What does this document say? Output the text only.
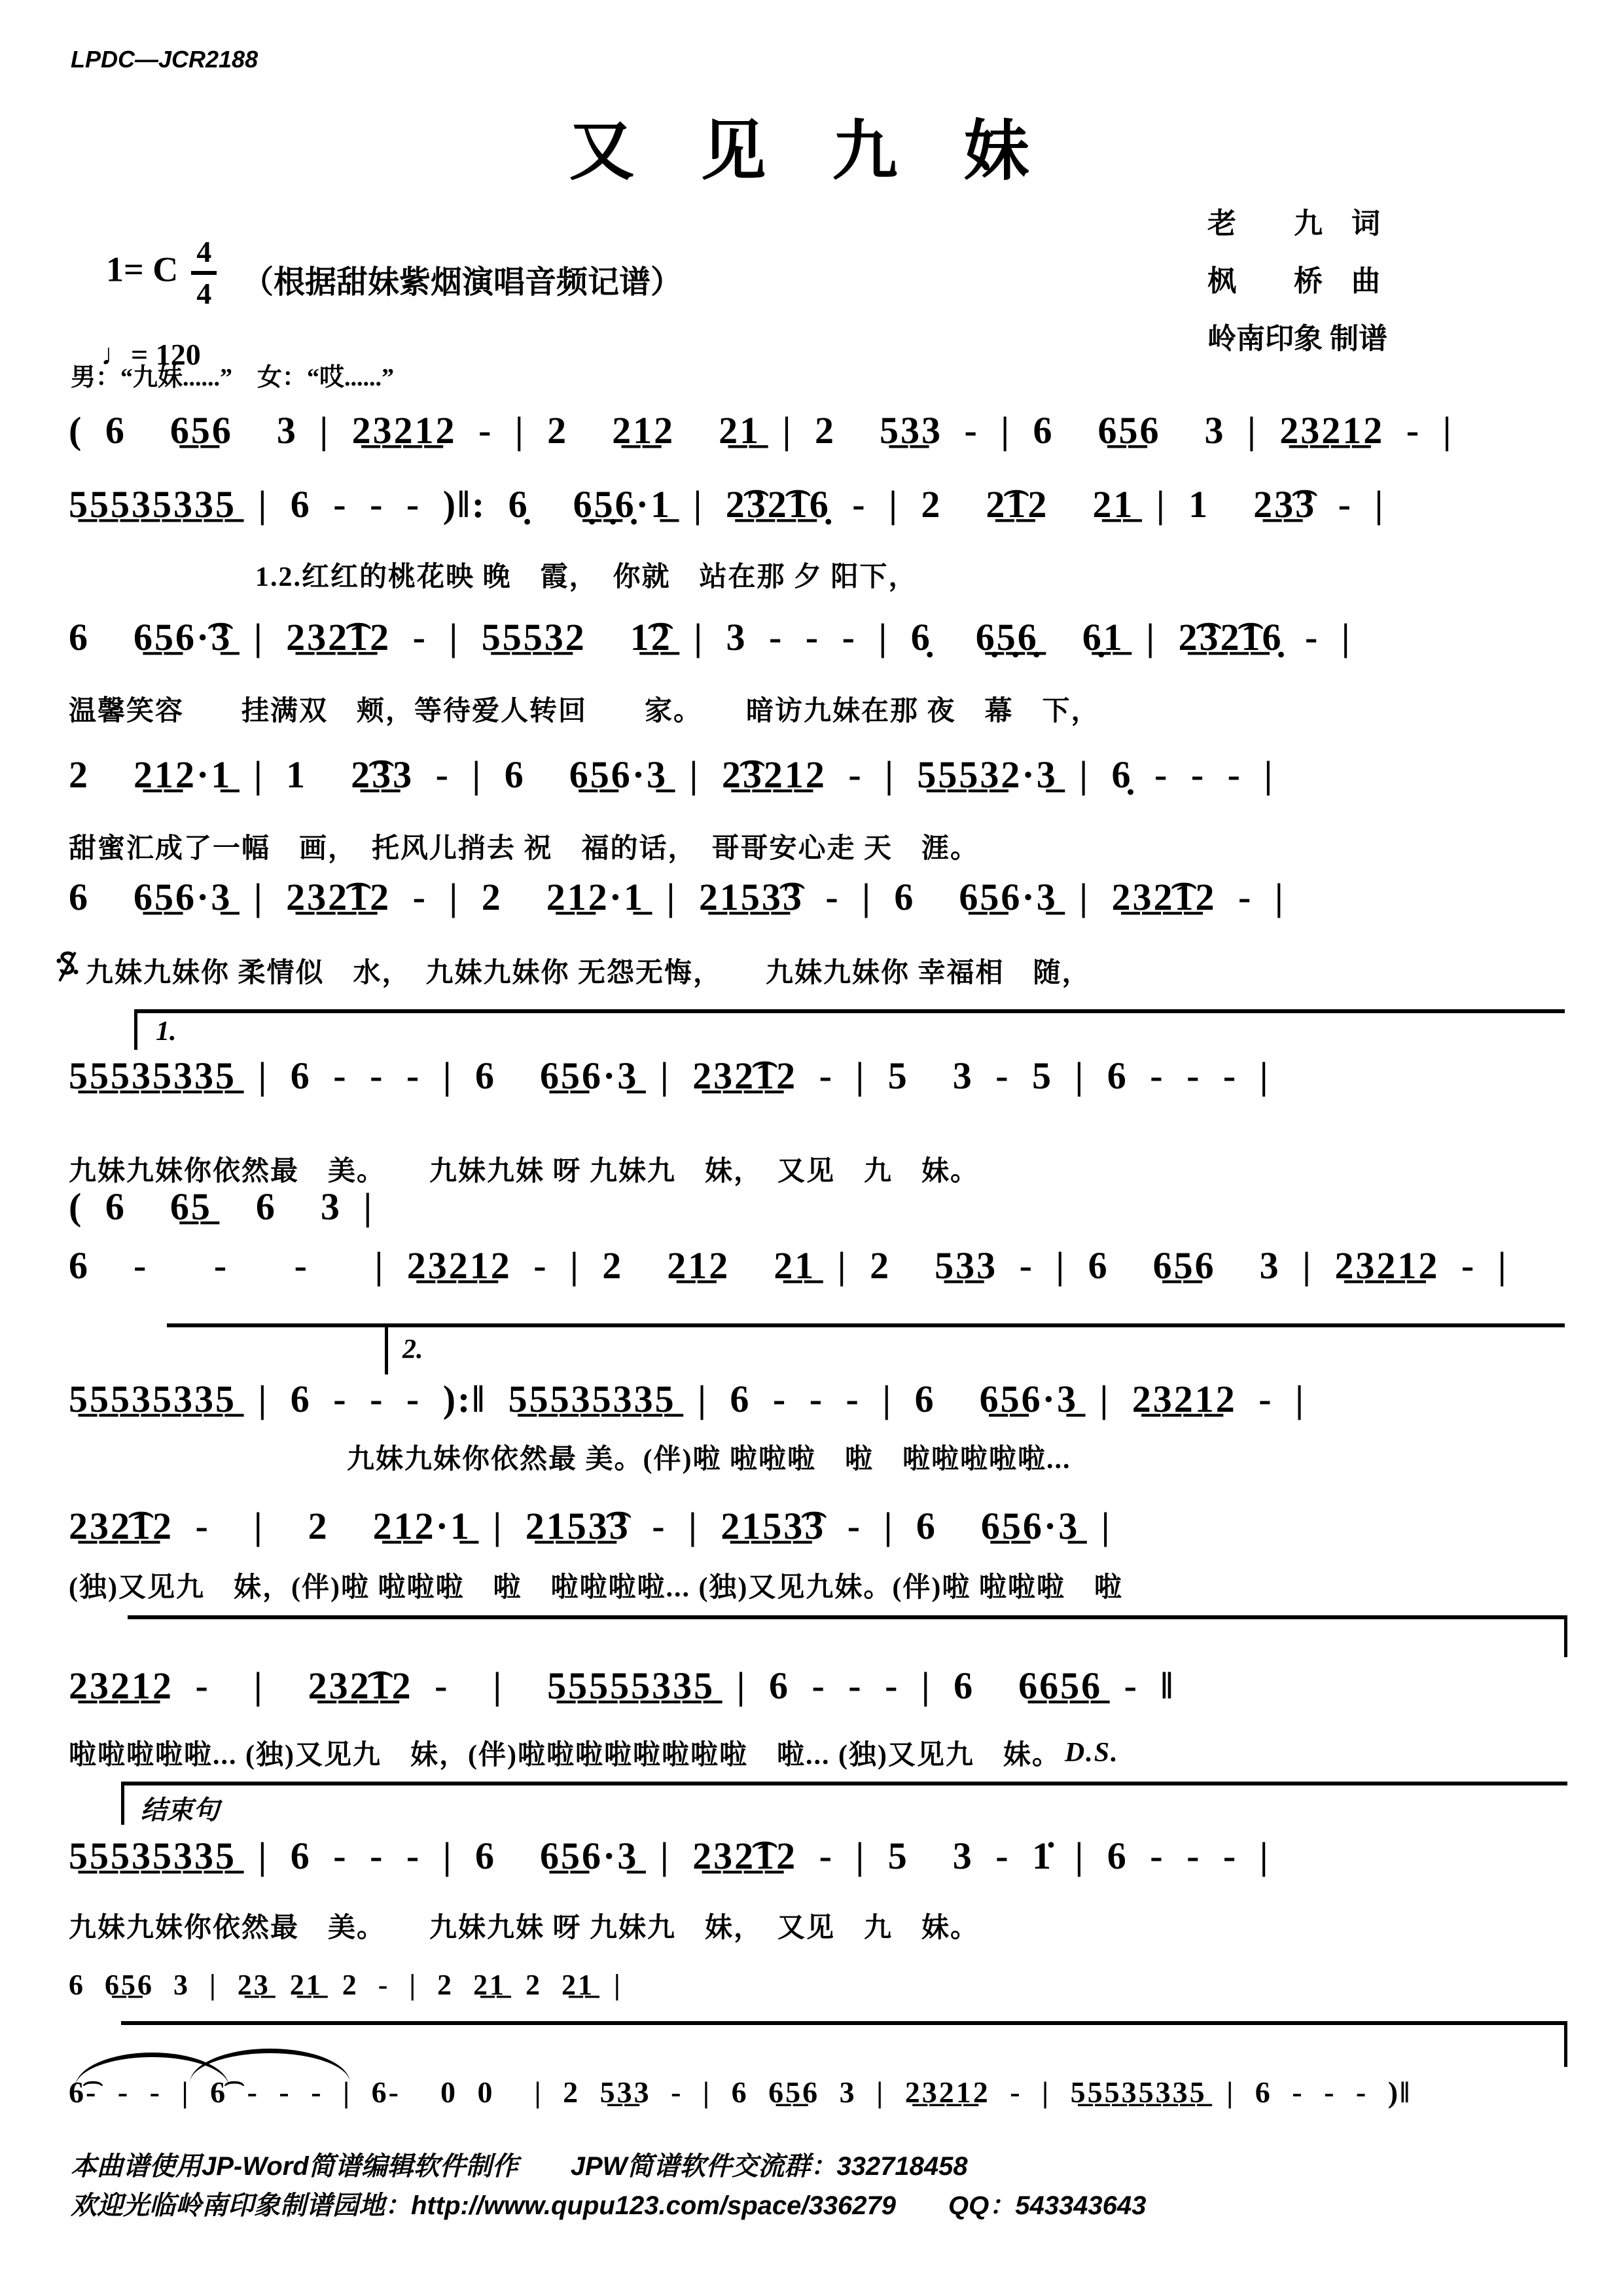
LPDC—JCR2188
又 见 九 妹

1= C $\frac{4}{4}$

（根据甜妹紫烟演唱音频记谱）
老　　九　词
枫　　桥　曲
岭南印象 制谱

♩= 120

男：“九妹......”　女：“哎......”
( 6  6̲5̲6  3 | 2̲3̲2̲1̲2 - | 2  2̲1̲2  2̲1̲ | 2  5̲3̲3 - | 6  6̲5̲6  3 | 2̲3̲2̲1̲2 - |
5̲5̲5̲3̲5̲3̲3̲5̲ | 6 - - - )‖: 6̣  6̣̲5̣̲6̣·1̲ | 2̲͡3̲2̲͡1̲6̣ - | 2  2̲͡1̲2  2̲1̲ | 1  2̲3̲͡3 - |
1.2.红红的桃花映 晚　霞，　你就　站在那 夕 阳下，
6  6̲5̲6·͡3̲ | 2̲3̲2̲͡1̲2 - | 5̲5̲5̲3̲2  1̲͡2̲ | 3 - - - | 6̣  6̣̲5̣̲6̣̲  6̣̲1̲ | 2̲͡3̲2̲͡1̲6̣ - |
温馨笑容　　挂满双　颊，等待爱人转回　　家。　　暗访九妹在那 夜　幕　下，
2  2̲1̲2·1̲ | 1  2̲͡3̲3 - | 6  6̲5̲6·3̲ | 2̲͡3̲2̲1̲2 - | 5̲5̲5̲3̲2·3̲ | 6̣ - - - |
甜蜜汇成了一幅　画，　托风儿捎去 祝　福的话，　哥哥安心走 天　涯。
6  6̲5̲6·3̲ | 2̲3̲2̲͡1̲2 - | 2  2̲1̲2·1̲ | 2̲1̲5̲3̲͡3 - | 6  6̲5̲6·3̲ | 2̲3̲2̲͡1̲2 - |
九妹九妹你 柔情似　水，　九妹九妹你 无怨无悔，　　九妹九妹你 幸福相　随，
1.
5̲5̲5̲3̲5̲3̲3̲5̲ | 6 - - - | 6  6̲5̲6·3̲ | 2̲3̲2̲͡1̲2 - | 5  3 - 5 | 6 - - - |
九妹九妹你依然最　美。　　九妹九妹 呀 九妹九　妹，　又见　九　妹。
( 6  6̲5̲  6  3 |
6  -   -   -   | 2̲3̲2̲1̲2 - | 2  2̲1̲2  2̲1̲ | 2  5̲3̲3 - | 6  6̲5̲6  3 | 2̲3̲2̲1̲2 - |
2.
5̲5̲5̲3̲5̲3̲3̲5̲ | 6 - - - ):‖ 5̲5̲5̲3̲5̲3̲3̲5̲ | 6 - - - | 6  6̲5̲6·3̲ | 2̲3̲2̲1̲2 - |
九妹九妹你依然最 美。(伴)啦 啦啦啦　啦　啦啦啦啦啦...
2̲3̲2̲͡1̲2 -  |  2  2̲1̲2·1̲ | 2̲1̲5̲3̲͡3 - | 2̲1̲5̲3̲͡3 - | 6  6̲5̲6·3̲ |
(独)又见九　妹，(伴)啦 啦啦啦　啦　啦啦啦啦... (独)又见九妹。(伴)啦 啦啦啦　啦
2̲3̲2̲1̲2 -  |  2̲3̲2̲͡1̲2 -  |  5̲5̲5̲5̲5̲3̲3̲5̲ | 6 - - - | 6  6̲6̲5̲6̲ - ‖
啦啦啦啦啦... (独)又见九　妹，(伴)啦啦啦啦啦啦啦啦　啦... (独)又见九　妹。 D.S.
结束句
5̲5̲5̲3̲5̲3̲3̲5̲ | 6 - - - | 6  6̲5̲6·3̲ | 2̲3̲2̲͡1̲2 - | 5  3 - 1̇ | 6 - - - |
九妹九妹你依然最　美。　　九妹九妹 呀 九妹九　妹，　又见　九　妹。
6 6̲5̲6 3 | 2̲3̲ 2̲1̲ 2 - | 2 2̲1̲ 2 2̲1̲ |
6͡- - - | 6͡ - - - | 6-  0 0  | 2 5̲3̲3 - | 6 6̲5̲6 3 | 2̲3̲2̲1̲2 - | 5̲5̲5̲3̲5̲3̲3̲5̲ | 6 - - - )‖
本曲谱使用JP-Word简谱编辑软件制作　　JPW简谱软件交流群：332718458
欢迎光临岭南印象制谱园地：http://www.qupu123.com/space/336279　　QQ：543343643
